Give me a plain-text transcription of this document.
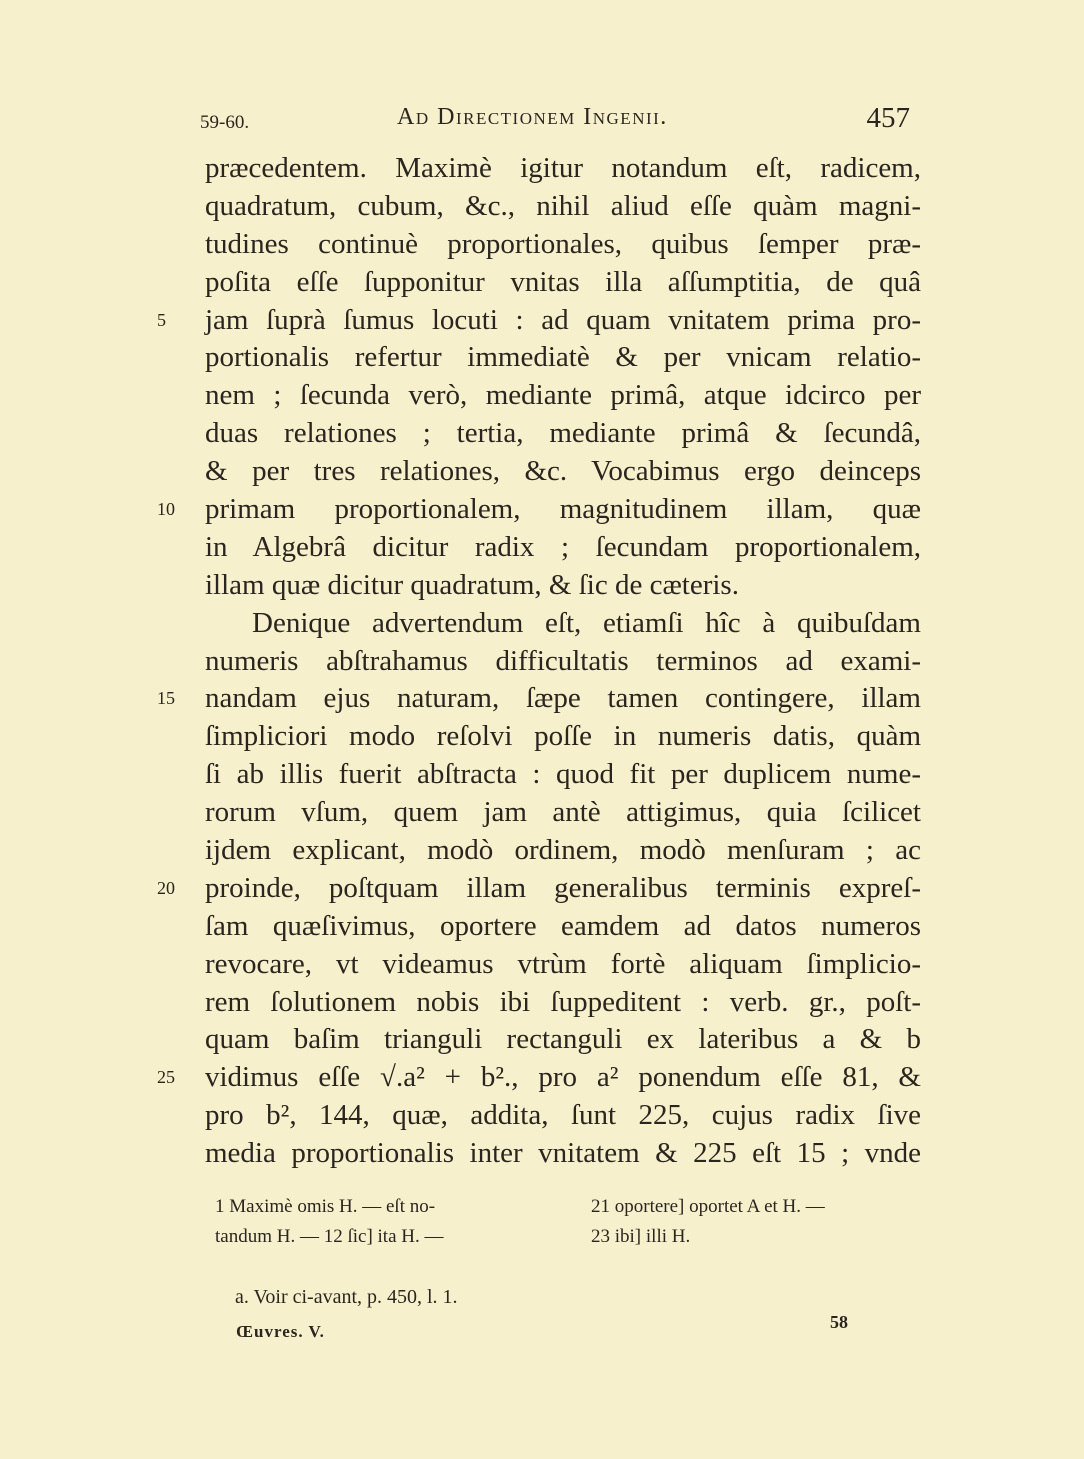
59-60.	Ad Directionem Ingenii.	457
præcedentem. Maximè igitur notandum eſt, radicem,
quadratum, cubum, &c., nihil aliud eſſe quàm magni-
tudines continuè proportionales, quibus ſemper præ-
poſita eſſe ſupponitur vnitas illa aſſumptitia, de quâ
5 jam ſuprà ſumus locuti : ad quam vnitatem prima pro-
portionalis refertur immediatè & per vnicam relatio-
nem ; ſecunda verò, mediante primâ, atque idcirco per
duas relationes ; tertia, mediante primâ & ſecundâ,
& per tres relationes, &c. Vocabimus ergo deinceps
10 primam proportionalem, magnitudinem illam, quæ
in Algebrâ dicitur radix ; ſecundam proportionalem,
illam quæ dicitur quadratum, & ſic de cæteris.
Denique advertendum eſt, etiamſi hîc à quibuſdam
numeris abſtrahamus difficultatis terminos ad exami-
15 nandam ejus naturam, ſæpe tamen contingere, illam
ſimpliciori modo reſolvi poſſe in numeris datis, quàm
ſi ab illis fuerit abſtracta : quod fit per duplicem nume-
rorum vſum, quem jam antè attigimus, quia ſcilicet
ijdem explicant, modò ordinem, modò menſuram ; ac
20 proinde, poſtquam illam generalibus terminis expreſ-
ſam quæſivimus, oportere eamdem ad datos numeros
revocare, vt videamus vtrùm fortè aliquam ſimplicio-
rem ſolutionem nobis ibi ſuppeditent : verb. gr., poſt-
quam baſim trianguli rectanguli ex lateribus a & b
25 vidimus eſſe √.a² + b²., pro a² ponendum eſſe 81, &
pro b², 144, quæ, addita, ſunt 225, cujus radix ſive
media proportionalis inter vnitatem & 225 eſt 15 ; vnde
1 Maximè omis H. — eſt no-
tandum H. — 12 ſic] ita H. —
21 oportere] oportet A et H. —
23 ibi] illi H.
a. Voir ci-avant, p. 450, l. 1.
Œuvres. V.	58
